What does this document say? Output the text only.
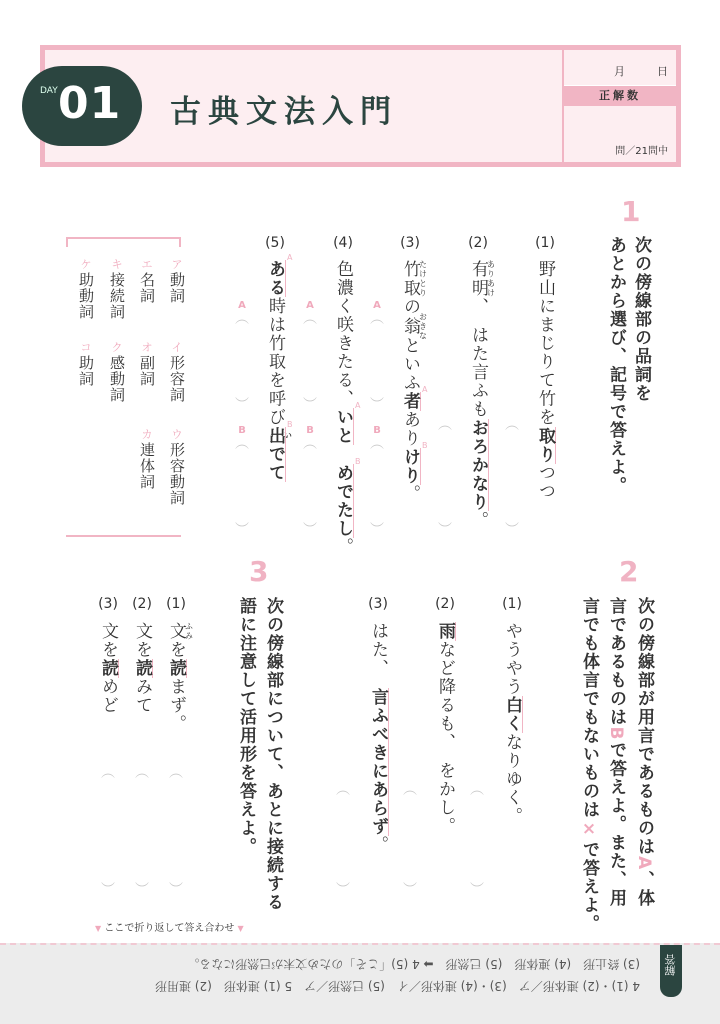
月	日
正解数
問／21問中
DAY 01 古典文法入門
1
次の傍線部の品詞を
あとから選び、記号で答えよ。
ア
動詞
イ
形容詞
ウ
形容動詞
エ
名詞
オ
副詞
カ
連体詞
キ
接続詞
ク
感動詞
ケ
助動詞
コ
助詞
2
3
次の傍線部について、あとに接続する
語に注意して活用形を答えよ。
▼ ここで折り返して答え合わせ ▼
4 (1)・(2) 連体形／ア　(3)・(4) 連体形／イ　(5) 已然形／ア　5 (1) 連体形　(2) 連用形
(3) 終止形　(4) 連体形　(5) 已然形　➡ 4 (5)「こそ」のため文末が已然形になる。	解答
(1)
野山にまじりて竹を取りつつ
︵
︶
(2)
有明ありあけ、　はた言ふもおろかなり。
︵
︶
(3)
竹取たけとりの翁おきなといふ者
A
ありけり
B
。
A
︵
︶
B
︵
︶
(4)
色濃く咲きたる、いと
A
　めでたし
B
。
A
︵
︶
B
︵
︶
(5)
ある
A
時は竹取を呼び出い
B
でて
A
︵
︶
B
︵
︶
次の傍線部が用言であるものはA、体
言であるものはBで答えよ。また、用
言でも体言でもないものは×で答えよ。
(1)
やうやう白くなりゆく。
︵
︶
(2)
雨など降るも、　をかし。
︵
︶
(3)
はた、　言ふべきにあらず。
︵
︶
(1)
文ふみを読まず。
︵
︶
(2)
文を読みて
︵
︶
(3)
文を読めど
︵
︶
